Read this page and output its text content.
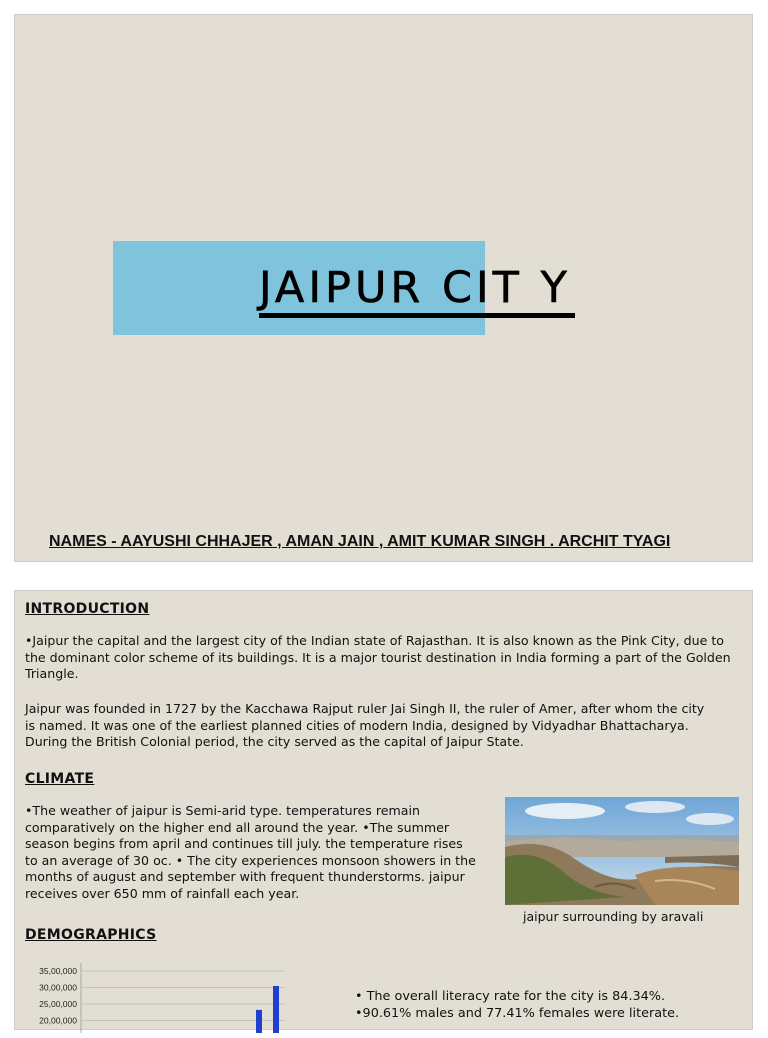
JAIPUR CIT Y
NAMES - AAYUSHI CHHAJER , AMAN JAIN , AMIT KUMAR SINGH . ARCHIT TYAGI
INTRODUCTION
•Jaipur the capital and the largest city of the Indian state of Rajasthan. It is also known as the Pink City, due to the dominant color scheme of its buildings. It is a major tourist destination in India forming a part of the Golden Triangle.
Jaipur was founded in 1727 by the Kacchawa Rajput ruler Jai Singh II, the ruler of Amer, after whom the city is named. It was one of the earliest planned cities of modern India, designed by Vidyadhar Bhattacharya. During the British Colonial period, the city served as the capital of Jaipur State.
CLIMATE
•The weather of jaipur is Semi-arid type. temperatures remain comparatively on the higher end all around the year. •The summer season begins from april and continues till july. the temperature rises to an average of 30 oc. • The city experiences monsoon showers in the months of august and september with frequent thunderstorms. jaipur receives over 650 mm of rainfall each year.
jaipur surrounding by aravali
DEMOGRAPHICS
35,00,000
30,00,000
25,00,000
20,00,000
• The overall literacy rate for the city is 84.34%.
•90.61% males and 77.41% females were literate.
